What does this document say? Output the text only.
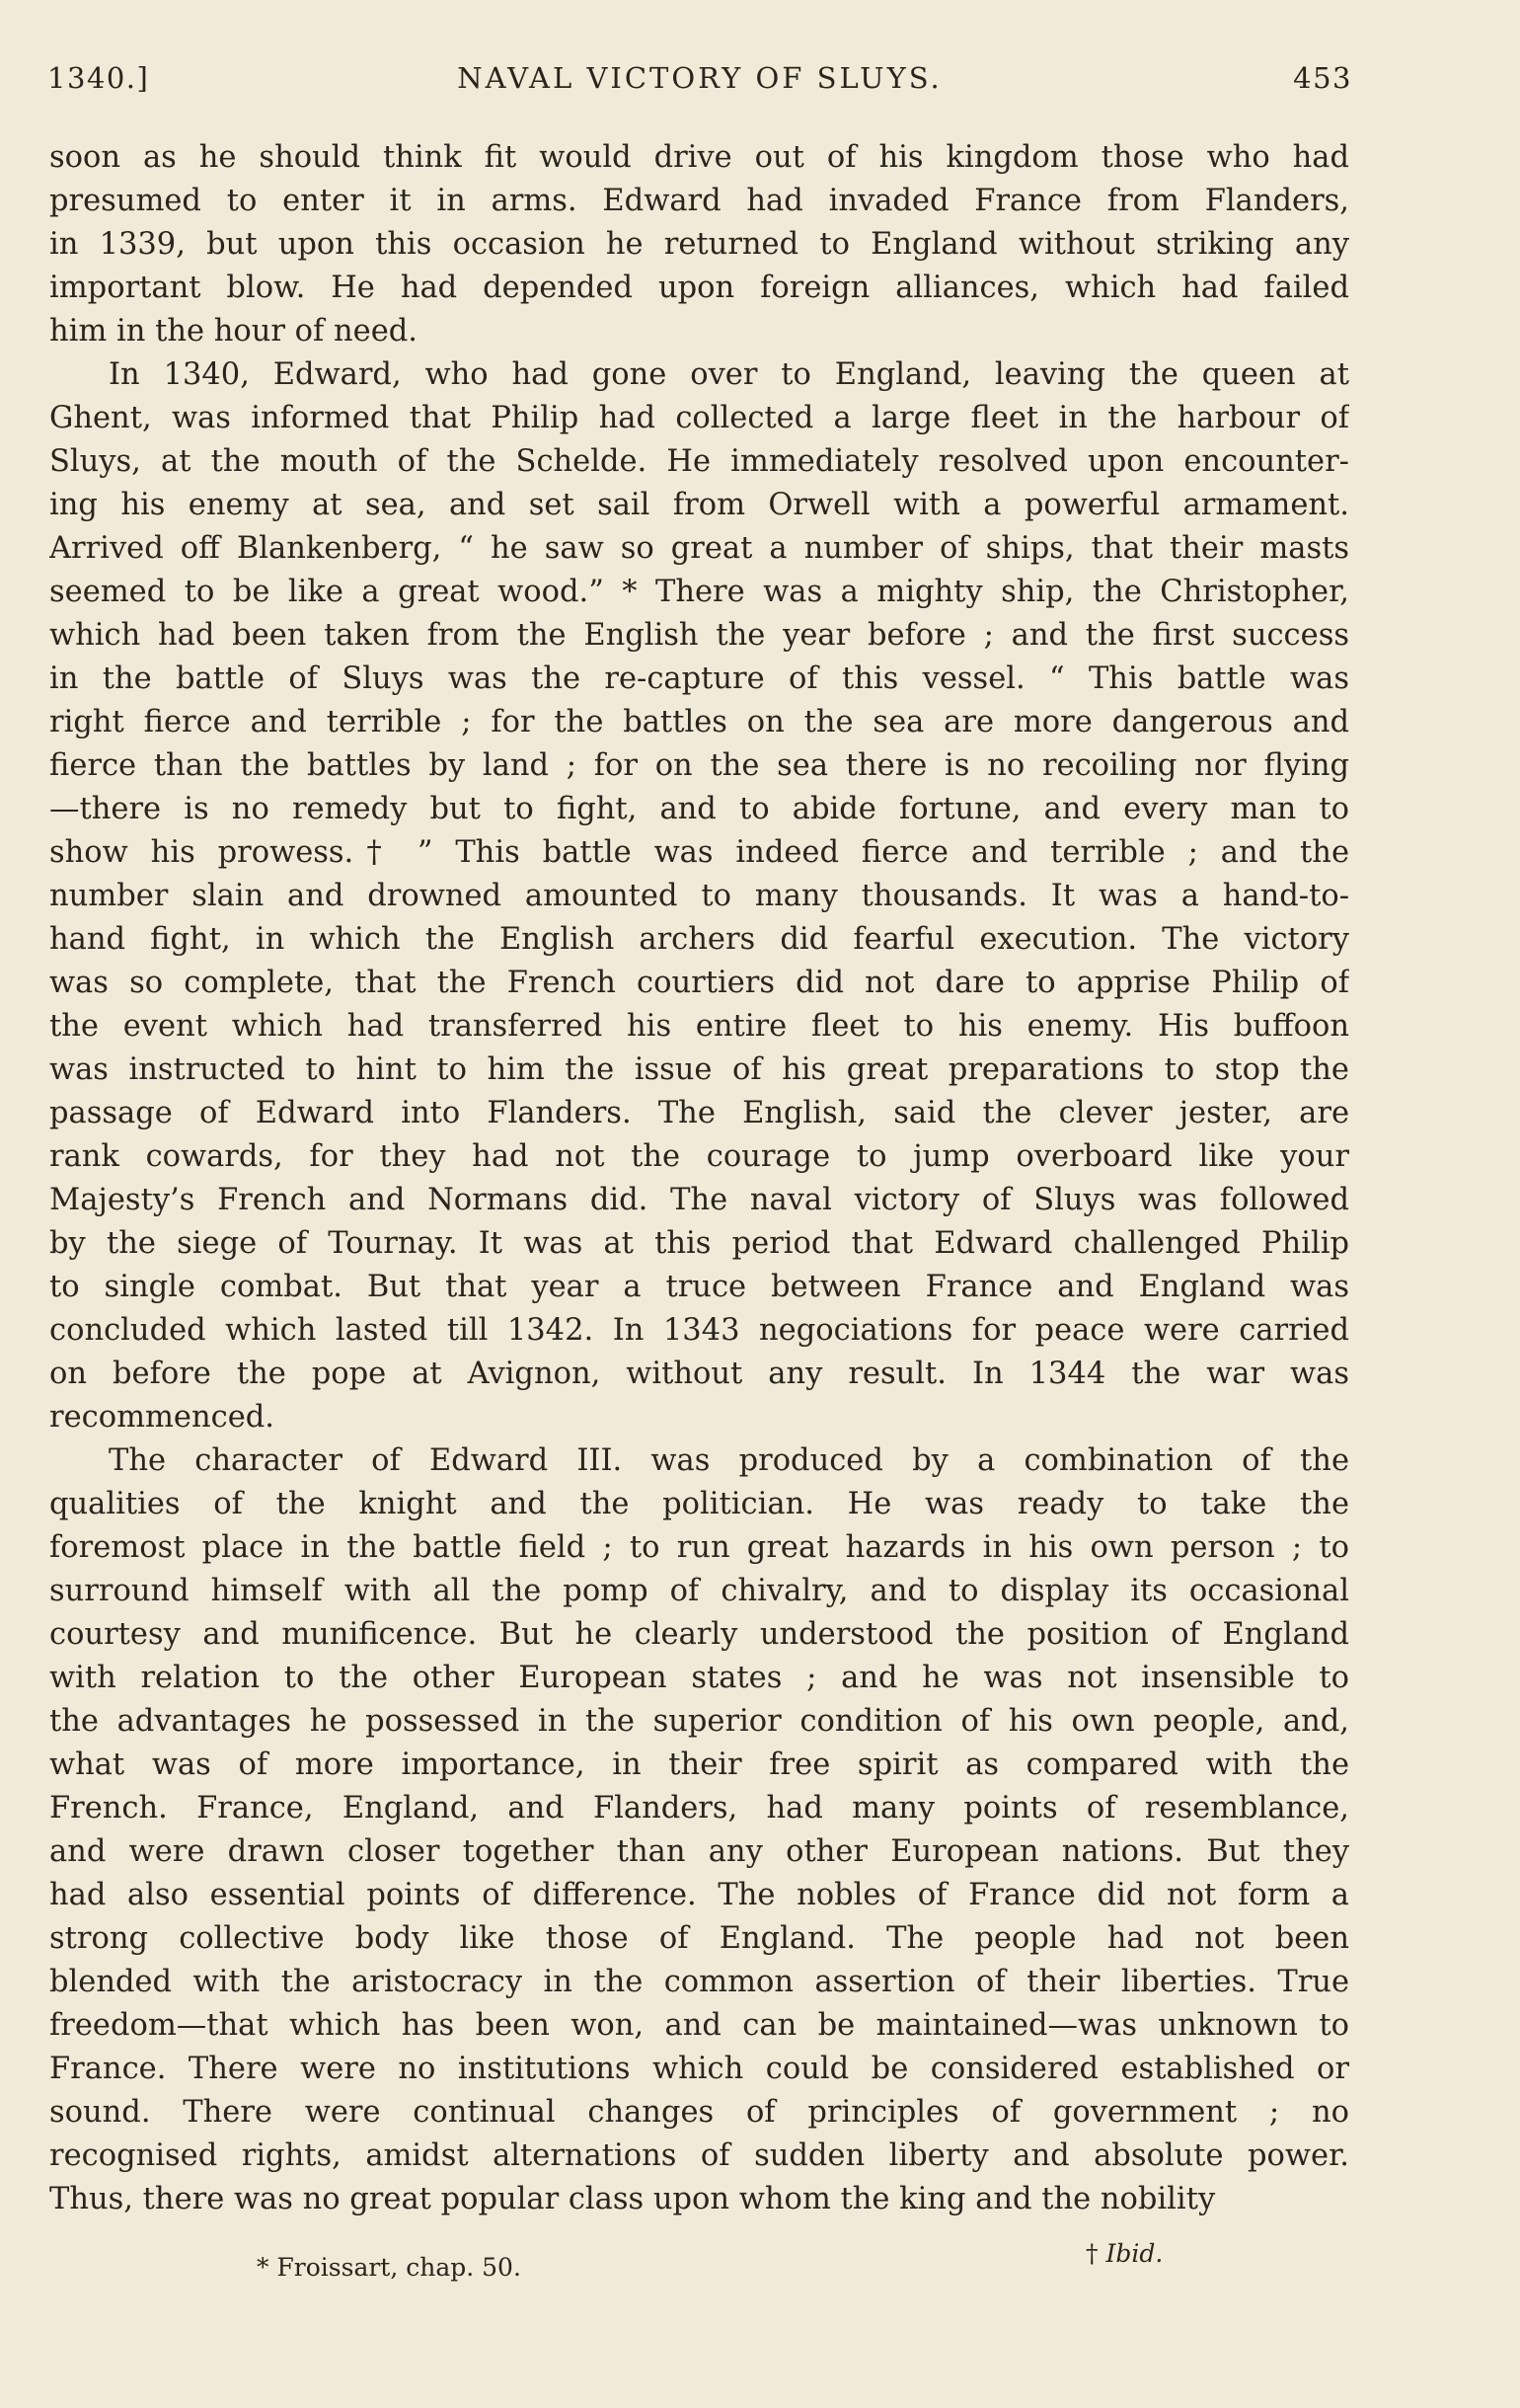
1340.]	NAVAL VICTORY OF SLUYS.	453
soon as he should think fit would drive out of his kingdom those who had
presumed to enter it in arms. Edward had invaded France from Flanders,
in 1339, but upon this occasion he returned to England without striking any
important blow. He had depended upon foreign alliances, which had failed
him in the hour of need.
In 1340, Edward, who had gone over to England, leaving the queen at
Ghent, was informed that Philip had collected a large fleet in the harbour of
Sluys, at the mouth of the Schelde. He immediately resolved upon encounter-
ing his enemy at sea, and set sail from Orwell with a powerful armament.
Arrived off Blankenberg, “ he saw so great a number of ships, that their masts
seemed to be like a great wood.” * There was a mighty ship, the Christopher,
which had been taken from the English the year before ; and the first success
in the battle of Sluys was the re-capture of this vessel. “ This battle was
right fierce and terrible ; for the battles on the sea are more dangerous and
fierce than the battles by land ; for on the sea there is no recoiling nor flying
—there is no remedy but to fight, and to abide fortune, and every man to
show his prowess.† ” This battle was indeed fierce and terrible ; and the
number slain and drowned amounted to many thousands. It was a hand-to-
hand fight, in which the English archers did fearful execution. The victory
was so complete, that the French courtiers did not dare to apprise Philip of
the event which had transferred his entire fleet to his enemy. His buffoon
was instructed to hint to him the issue of his great preparations to stop the
passage of Edward into Flanders. The English, said the clever jester, are
rank cowards, for they had not the courage to jump overboard like your
Majesty’s French and Normans did. The naval victory of Sluys was followed
by the siege of Tournay. It was at this period that Edward challenged Philip
to single combat. But that year a truce between France and England was
concluded which lasted till 1342. In 1343 negociations for peace were carried
on before the pope at Avignon, without any result. In 1344 the war was
recommenced.
The character of Edward III. was produced by a combination of the
qualities of the knight and the politician. He was ready to take the
foremost place in the battle field ; to run great hazards in his own person ; to
surround himself with all the pomp of chivalry, and to display its occasional
courtesy and munificence. But he clearly understood the position of England
with relation to the other European states ; and he was not insensible to
the advantages he possessed in the superior condition of his own people, and,
what was of more importance, in their free spirit as compared with the
French. France, England, and Flanders, had many points of resemblance,
and were drawn closer together than any other European nations. But they
had also essential points of difference. The nobles of France did not form a
strong collective body like those of England. The people had not been
blended with the aristocracy in the common assertion of their liberties. True
freedom—that which has been won, and can be maintained—was unknown to
France. There were no institutions which could be considered established or
sound. There were continual changes of principles of government ; no
recognised rights, amidst alternations of sudden liberty and absolute power.
Thus, there was no great popular class upon whom the king and the nobility
* Froissart, chap. 50.	† Ibid.
